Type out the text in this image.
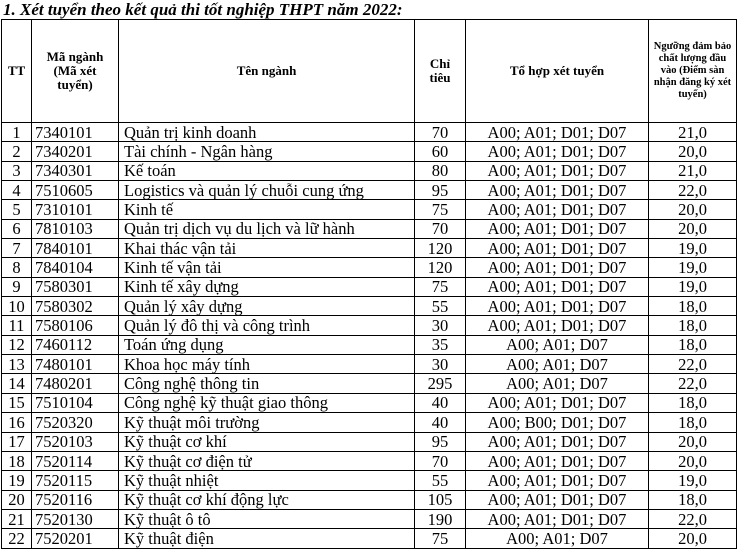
1. Xét tuyển theo kết quả thi tốt nghiệp THPT năm 2022:
TT	Mã ngành (Mã xét tuyển)	Tên ngành	Chỉ tiêu	Tổ hợp xét tuyển	Ngưỡng đảm bảo chất lượng đầu vào (Điểm sàn nhận đăng ký xét tuyển)
1	7340101	Quản trị kinh doanh	70	A00; A01; D01; D07	21,0
2	7340201	Tài chính - Ngân hàng	60	A00; A01; D01; D07	20,0
3	7340301	Kế toán	80	A00; A01; D01; D07	21,0
4	7510605	Logistics và quản lý chuỗi cung ứng	95	A00; A01; D01; D07	22,0
5	7310101	Kinh tế	75	A00; A01; D01; D07	20,0
6	7810103	Quản trị dịch vụ du lịch và lữ hành	70	A00; A01; D01; D07	20,0
7	7840101	Khai thác vận tải	120	A00; A01; D01; D07	19,0
8	7840104	Kinh tế vận tải	120	A00; A01; D01; D07	19,0
9	7580301	Kinh tế xây dựng	75	A00; A01; D01; D07	19,0
10	7580302	Quản lý xây dựng	55	A00; A01; D01; D07	18,0
11	7580106	Quản lý đô thị và công trình	30	A00; A01; D01; D07	18,0
12	7460112	Toán ứng dụng	35	A00; A01; D07	18,0
13	7480101	Khoa học máy tính	30	A00; A01; D07	22,0
14	7480201	Công nghệ thông tin	295	A00; A01; D07	22,0
15	7510104	Công nghệ kỹ thuật giao thông	40	A00; A01; D01; D07	18,0
16	7520320	Kỹ thuật môi trường	40	A00; B00; D01; D07	18,0
17	7520103	Kỹ thuật cơ khí	95	A00; A01; D01; D07	20,0
18	7520114	Kỹ thuật cơ điện tử	70	A00; A01; D01; D07	20,0
19	7520115	Kỹ thuật nhiệt	55	A00; A01; D01; D07	19,0
20	7520116	Kỹ thuật cơ khí động lực	105	A00; A01; D01; D07	18,0
21	7520130	Kỹ thuật ô tô	190	A00; A01; D01; D07	22,0
22	7520201	Kỹ thuật điện	75	A00; A01; D07	20,0
